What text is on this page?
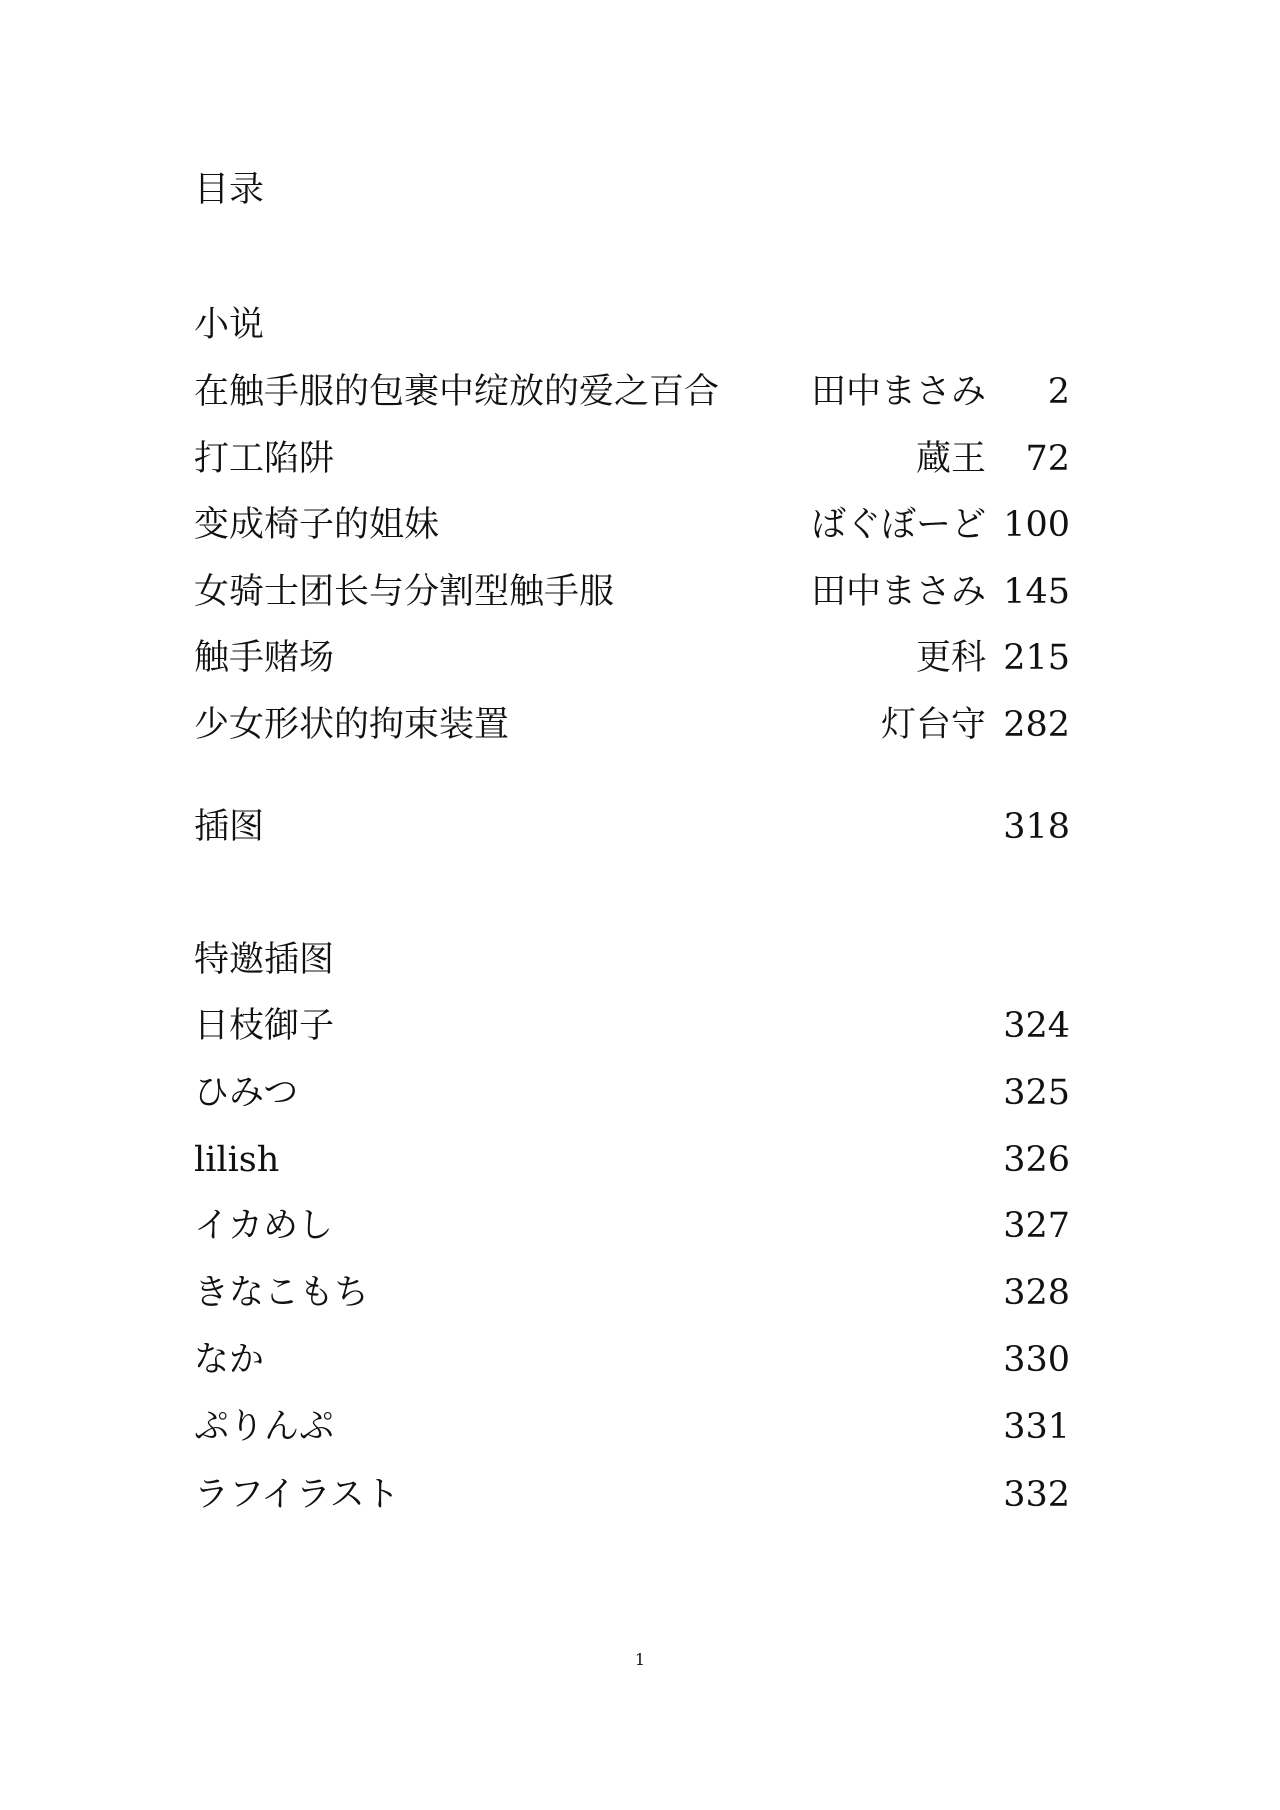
目录
小说
在触手服的包裹中绽放的爱之百合	田中まさみ	2
打工陷阱	蔵王	72
变成椅子的姐妹	ばぐぼーど 100
女骑士团长与分割型触手服	田中まさみ 145
触手赌场	更科 215
少女形状的拘束装置	灯台守 282
插图	318
特邀插图
日枝御子	324
ひみつ	325
lilish	326
イカめし	327
きなこもち	328
なか	330
ぷりんぷ	331
ラフイラスト	332
1
